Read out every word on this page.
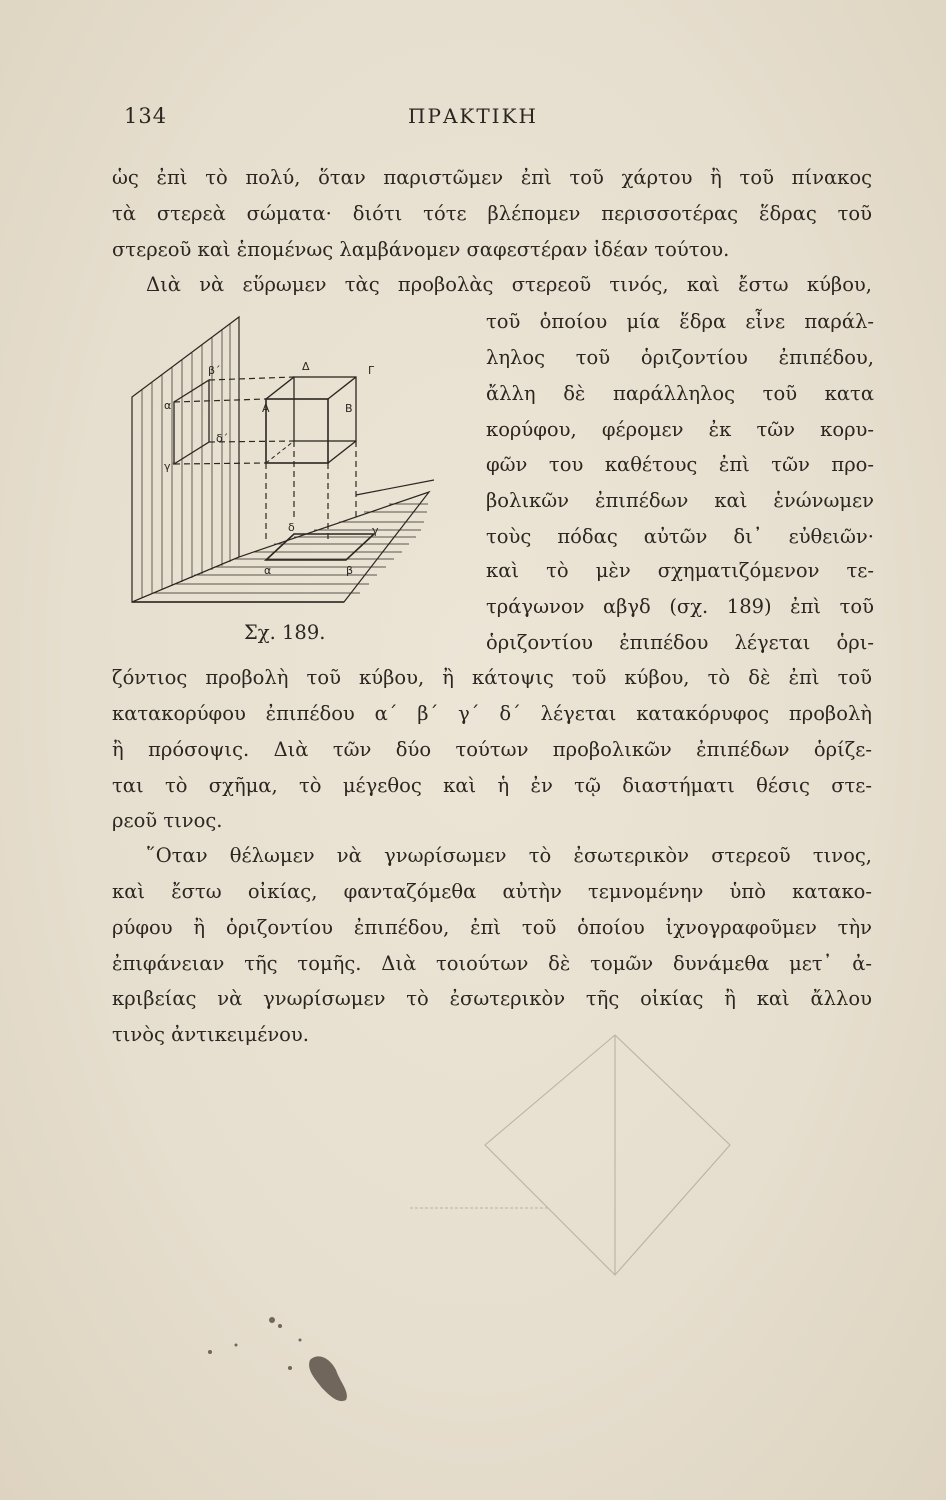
134	ΠΡΑΚΤΙΚΗ
ὡς ἐπὶ τὸ πολύ, ὅταν παριστῶμεν ἐπὶ τοῦ χάρτου ἢ τοῦ πίνακος
τὰ στερεὰ σώματα· διότι τότε βλέπομεν περισσοτέρας ἕδρας τοῦ
στερεοῦ καὶ ἑπομένως λαμβάνομεν σαφεστέραν ἰδέαν τούτου.
Διὰ νὰ εὕρωμεν τὰς προβολὰς στερεοῦ τινός, καὶ ἔστω κύβου,
τοῦ ὁποίου μία ἕδρα εἶνε παράλ-
ληλος τοῦ ὁριζοντίου ἐπιπέδου,
ἄλλη δὲ παράλληλος τοῦ κατα
κορύφου, φέρομεν ἐκ τῶν κορυ-
φῶν του καθέτους ἐπὶ τῶν προ-
βολικῶν ἐπιπέδων καὶ ἑνώνωμεν
τοὺς πόδας αὐτῶν δι᾽ εὐθειῶν·
καὶ τὸ μὲν σχηματιζόμενον τε-
τράγωνον αβγδ (σχ. 189) ἐπὶ τοῦ
ὁριζοντίου ἐπιπέδου λέγεται ὁρι-
ζόντιος προβολὴ τοῦ κύβου, ἢ κάτοψις τοῦ κύβου, τὸ δὲ ἐπὶ τοῦ
κατακορύφου ἐπιπέδου α΄ β΄ γ΄ δ΄ λέγεται κατακόρυφος προβολὴ
ἢ πρόσοψις. Διὰ τῶν δύο τούτων προβολικῶν ἐπιπέδων ὁρίζε-
ται τὸ σχῆμα, τὸ μέγεθος καὶ ἡ ἐν τῷ διαστήματι θέσις στε-
ρεοῦ τινος.
῞Οταν θέλωμεν νὰ γνωρίσωμεν τὸ ἐσωτερικὸν στερεοῦ τινος,
καὶ ἔστω οἰκίας, φανταζόμεθα αὐτὴν τεμνομένην ὑπὸ κατακο-
ρύφου ἢ ὁριζοντίου ἐπιπέδου, ἐπὶ τοῦ ὁποίου ἰχνογραφοῦμεν τὴν
ἐπιφάνειαν τῆς τομῆς. Διὰ τοιούτων δὲ τομῶν δυνάμεθα μετ᾽ ἀ-
κριβείας νὰ γνωρίσωμεν τὸ ἐσωτερικὸν τῆς οἰκίας ἢ καὶ ἄλλου
τινὸς ἀντικειμένου.
Δ	Γ
Α	Β
β΄
α΄
δ΄
γ΄
δ	γ
α	β
Σχ. 189.
